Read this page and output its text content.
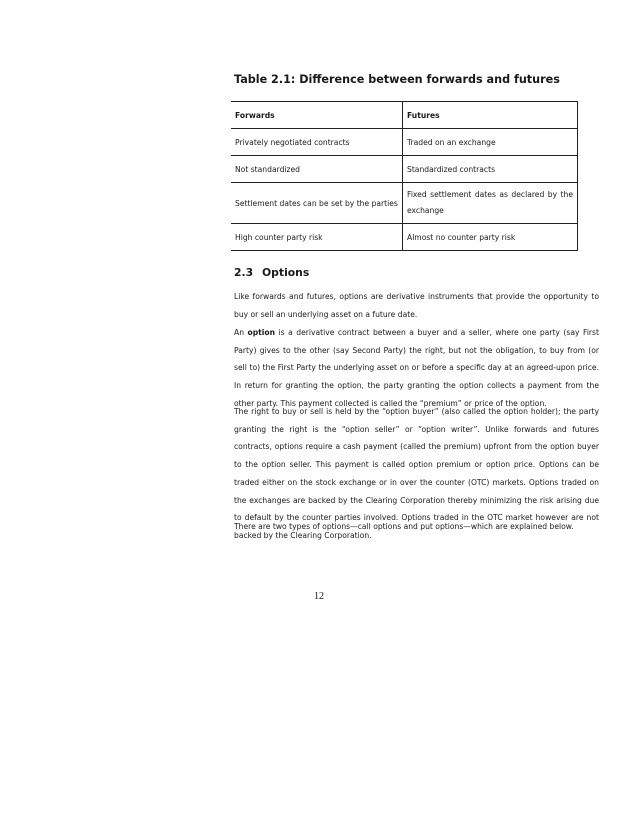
Table 2.1: Difference between forwards and futures
Forwards	Futures
Privately negotiated contracts	Traded on an exchange
Not standardized	Standardized contracts
Settlement dates can be set by the parties	Fixed settlement dates as declared by the exchange
High counter party risk	Almost no counter party risk
2.3 Options
Like forwards and futures, options are derivative instruments that provide the opportunity to buy or sell an underlying asset on a future date.
An option is a derivative contract between a buyer and a seller, where one party (say First Party) gives to the other (say Second Party) the right, but not the obligation, to buy from (or sell to) the First Party the underlying asset on or before a specific day at an agreed-upon price. In return for granting the option, the party granting the option collects a payment from the other party. This payment collected is called the “premium” or price of the option.
The right to buy or sell is held by the “option buyer” (also called the option holder); the party granting the right is the “option seller” or “option writer”. Unlike forwards and futures contracts, options require a cash payment (called the premium) upfront from the option buyer to the option seller. This payment is called option premium or option price. Options can be traded either on the stock exchange or in over the counter (OTC) markets. Options traded on the exchanges are backed by the Clearing Corporation thereby minimizing the risk arising due to default by the counter parties involved. Options traded in the OTC market however are not backed by the Clearing Corporation.
There are two types of options—call options and put options—which are explained below.
12
